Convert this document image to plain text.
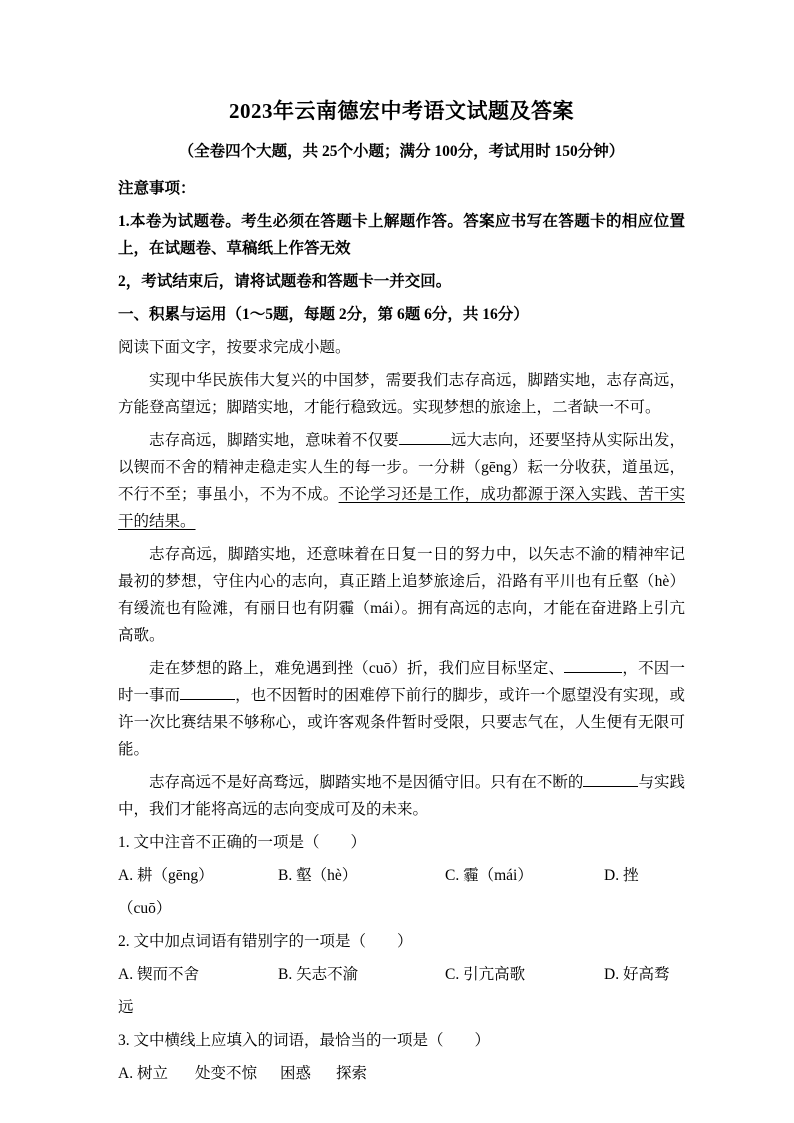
2023年云南德宏中考语文试题及答案
（全卷四个大题，共 25个小题；满分 100分，考试用时 150分钟）

注意事项：

1.本卷为试题卷。考生必须在答题卡上解题作答。答案应书写在答题卡的相应位置上，在试题卷、草稿纸上作答无效

2，考试结束后，请将试题卷和答题卡一并交回。

一、积累与运用（1～5题，每题 2分，第 6题 6分，共 16分）

阅读下面文字，按要求完成小题。

实现中华民族伟大复兴的中国梦，需要我们志存高远，脚踏实地，志存高远，方能登高望远；脚踏实地，才能行稳致远。实现梦想的旅途上，二者缺一不可。

志存高远，脚踏实地，意味着不仅要	远大志向，还要坚持从实际出发，以锲而不舍的精神走稳走实人生的每一步。一分耕（gēng）耘一分收获，道虽远，不行不至；事虽小，不为不成。不论学习还是工作，成功都源于深入实践、苦干实干的结果。

志存高远，脚踏实地，还意味着在日复一日的努力中，以矢志不渝的精神牢记最初的梦想，守住内心的志向，真正踏上追梦旅途后，沿路有平川也有丘壑（hè）有缓流也有险滩，有丽日也有阴霾（mái）。拥有高远的志向，才能在奋进路上引亢高歌。

走在梦想的路上，难免遇到挫（cuō）折，我们应目标坚定、	，不因一时一事而	，也不因暂时的困难停下前行的脚步，或许一个愿望没有实现，或许一次比赛结果不够称心，或许客观条件暂时受限，只要志气在，人生便有无限可能。

志存高远不是好高骛远，脚踏实地不是因循守旧。只有在不断的	与实践中，我们才能将高远的志向变成可及的未来。

1. 文中注音不正确的一项是（　　）

A. 耕（gēng）	B. 壑（hè）	C. 霾（mái）	D. 挫

（cuō）

2. 文中加点词语有错别字的一项是（　　）

A. 锲而不舍	B. 矢志不渝	C. 引亢高歌	D. 好高骛

远

3. 文中横线上应填入的词语，最恰当的一项是（　　）

A. 树立	处变不惊	困惑	探索
